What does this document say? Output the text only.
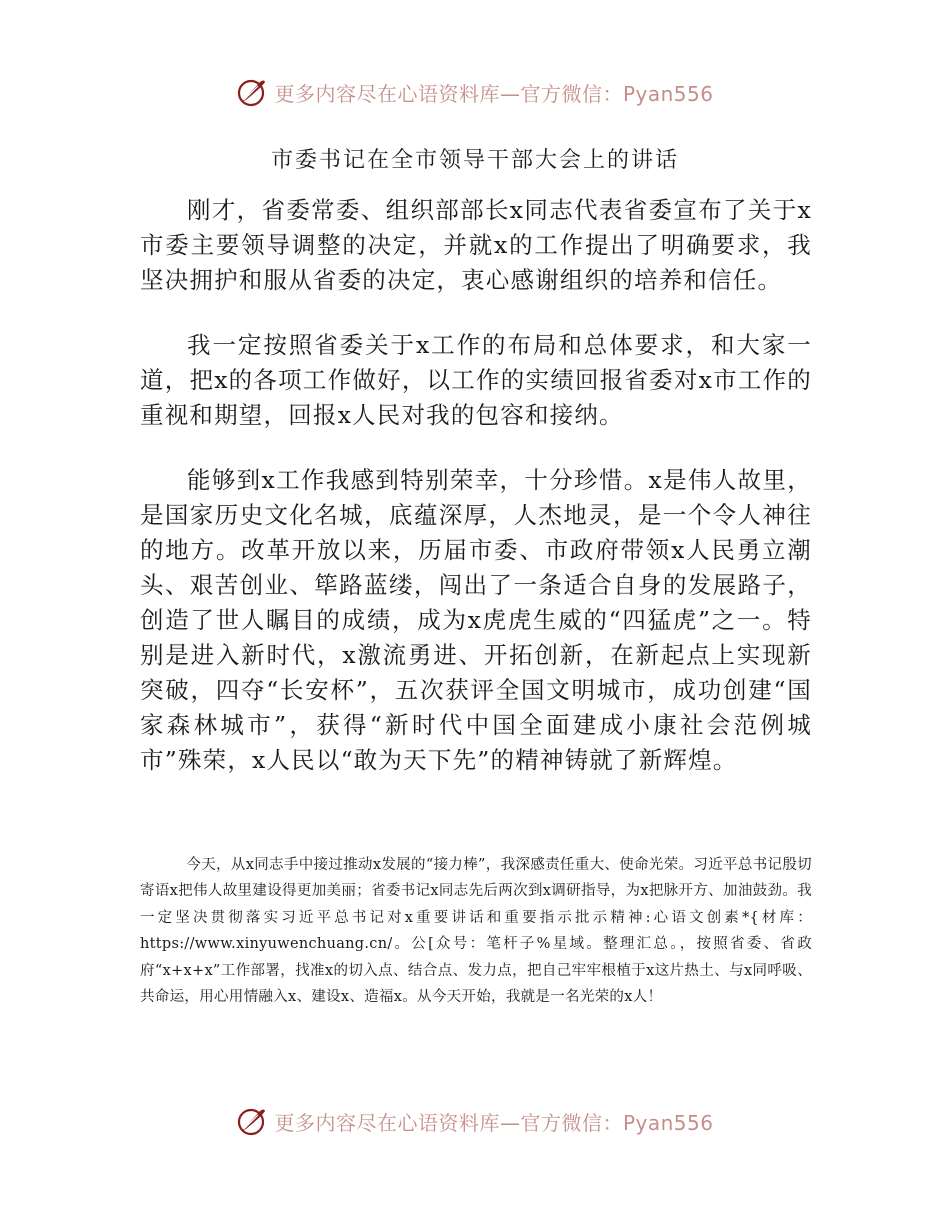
更多内容尽在心语资料库—官方微信：Pyan556
市委书记在全市领导干部大会上的讲话

刚才，省委常委、组织部部长x同志代表省委宣布了关于x市委主要领导调整的决定，并就x的工作提出了明确要求，我坚决拥护和服从省委的决定，衷心感谢组织的培养和信任。

我一定按照省委关于x工作的布局和总体要求，和大家一道，把x的各项工作做好，以工作的实绩回报省委对x市工作的重视和期望，回报x人民对我的包容和接纳。

能够到x工作我感到特别荣幸，十分珍惜。x是伟人故里，是国家历史文化名城，底蕴深厚，人杰地灵，是一个令人神往的地方。改革开放以来，历届市委、市政府带领x人民勇立潮头、艰苦创业、筚路蓝缕，闯出了一条适合自身的发展路子，创造了世人瞩目的成绩，成为x虎虎生威的“四猛虎”之一。特别是进入新时代，x激流勇进、开拓创新，在新起点上实现新突破，四夺“长安杯”，五次获评全国文明城市，成功创建“国家森林城市”，获得“新时代中国全面建成小康社会范例城市”殊荣，x人民以“敢为天下先”的精神铸就了新辉煌。

今天，从x同志手中接过推动x发展的“接力棒”，我深感责任重大、使命光荣。习近平总书记殷切寄语x把伟人故里建设得更加美丽；省委书记x同志先后两次到x调研指导，为x把脉开方、加油鼓劲。我一定坚决贯彻落实习近平总书记对x重要讲话和重要指示批示精神:心语文创素*{材库：https://www.xinyuwenchuang.cn/。公[众号：笔杆子%星域。整理汇总。，按照省委、省政府“x+x+x”工作部署，找准x的切入点、结合点、发力点，把自己牢牢根植于x这片热土、与x同呼吸、共命运，用心用情融入x、建设x、造福x。从今天开始，我就是一名光荣的x人！

更多内容尽在心语资料库—官方微信：Pyan556
